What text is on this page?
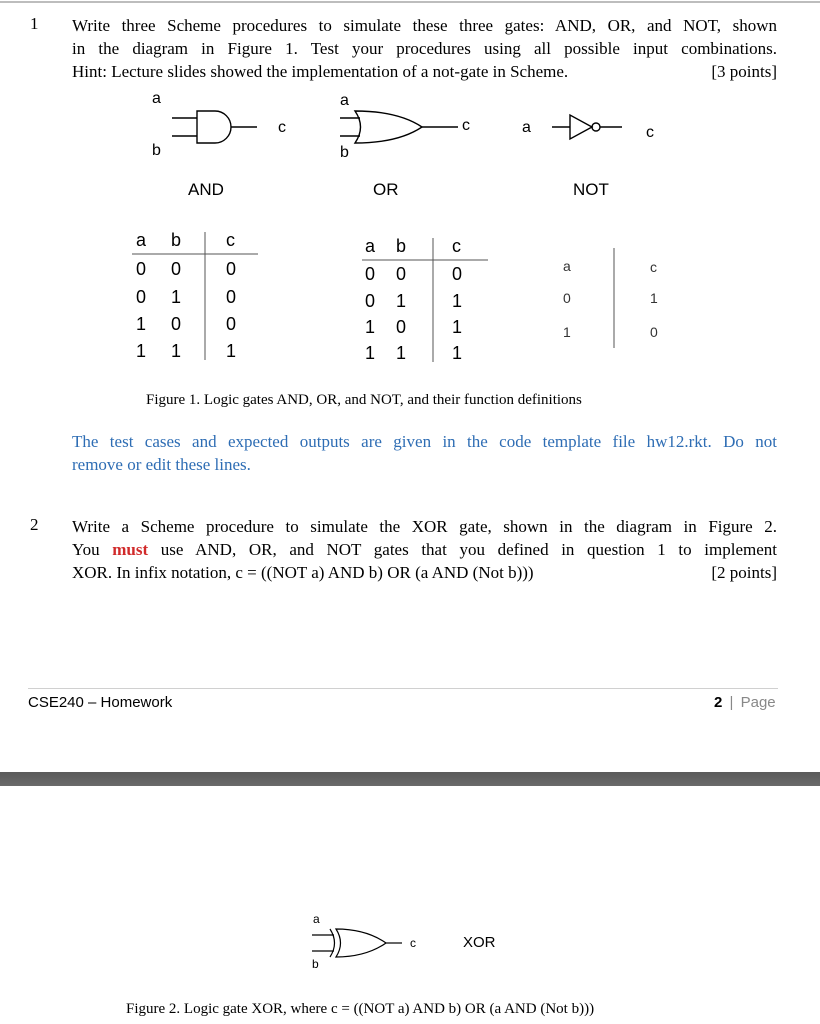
1 Write three Scheme procedures to simulate these three gates: AND, OR, and NOT, shown
in the diagram in Figure 1. Test your procedures using all possible input combinations.
Hint: Lecture slides showed the implementation of a not-gate in Scheme.	[3 points]
a
b
c
AND
a
b
c
OR
a	c
NOT
a b c
0 0 0
0 1 0
1 0 0
1 1 1
a b	c
0 0	0
0 1	1
1 0	1
1 1	1
a	c
0	1
1	0
Figure 1. Logic gates AND, OR, and NOT, and their function definitions
The test cases and expected outputs are given in the code template file hw12.rkt. Do not
remove or edit these lines.
2 Write a Scheme procedure to simulate the XOR gate, shown in the diagram in Figure 2.
You must use AND, OR, and NOT gates that you defined in question 1 to implement
XOR. In infix notation, c = ((NOT a) AND b) OR (a AND (Not b)))	[2 points]
CSE240 – Homework	2 | Page
a
b
c	XOR
Figure 2. Logic gate XOR, where c = ((NOT a) AND b) OR (a AND (Not b)))
